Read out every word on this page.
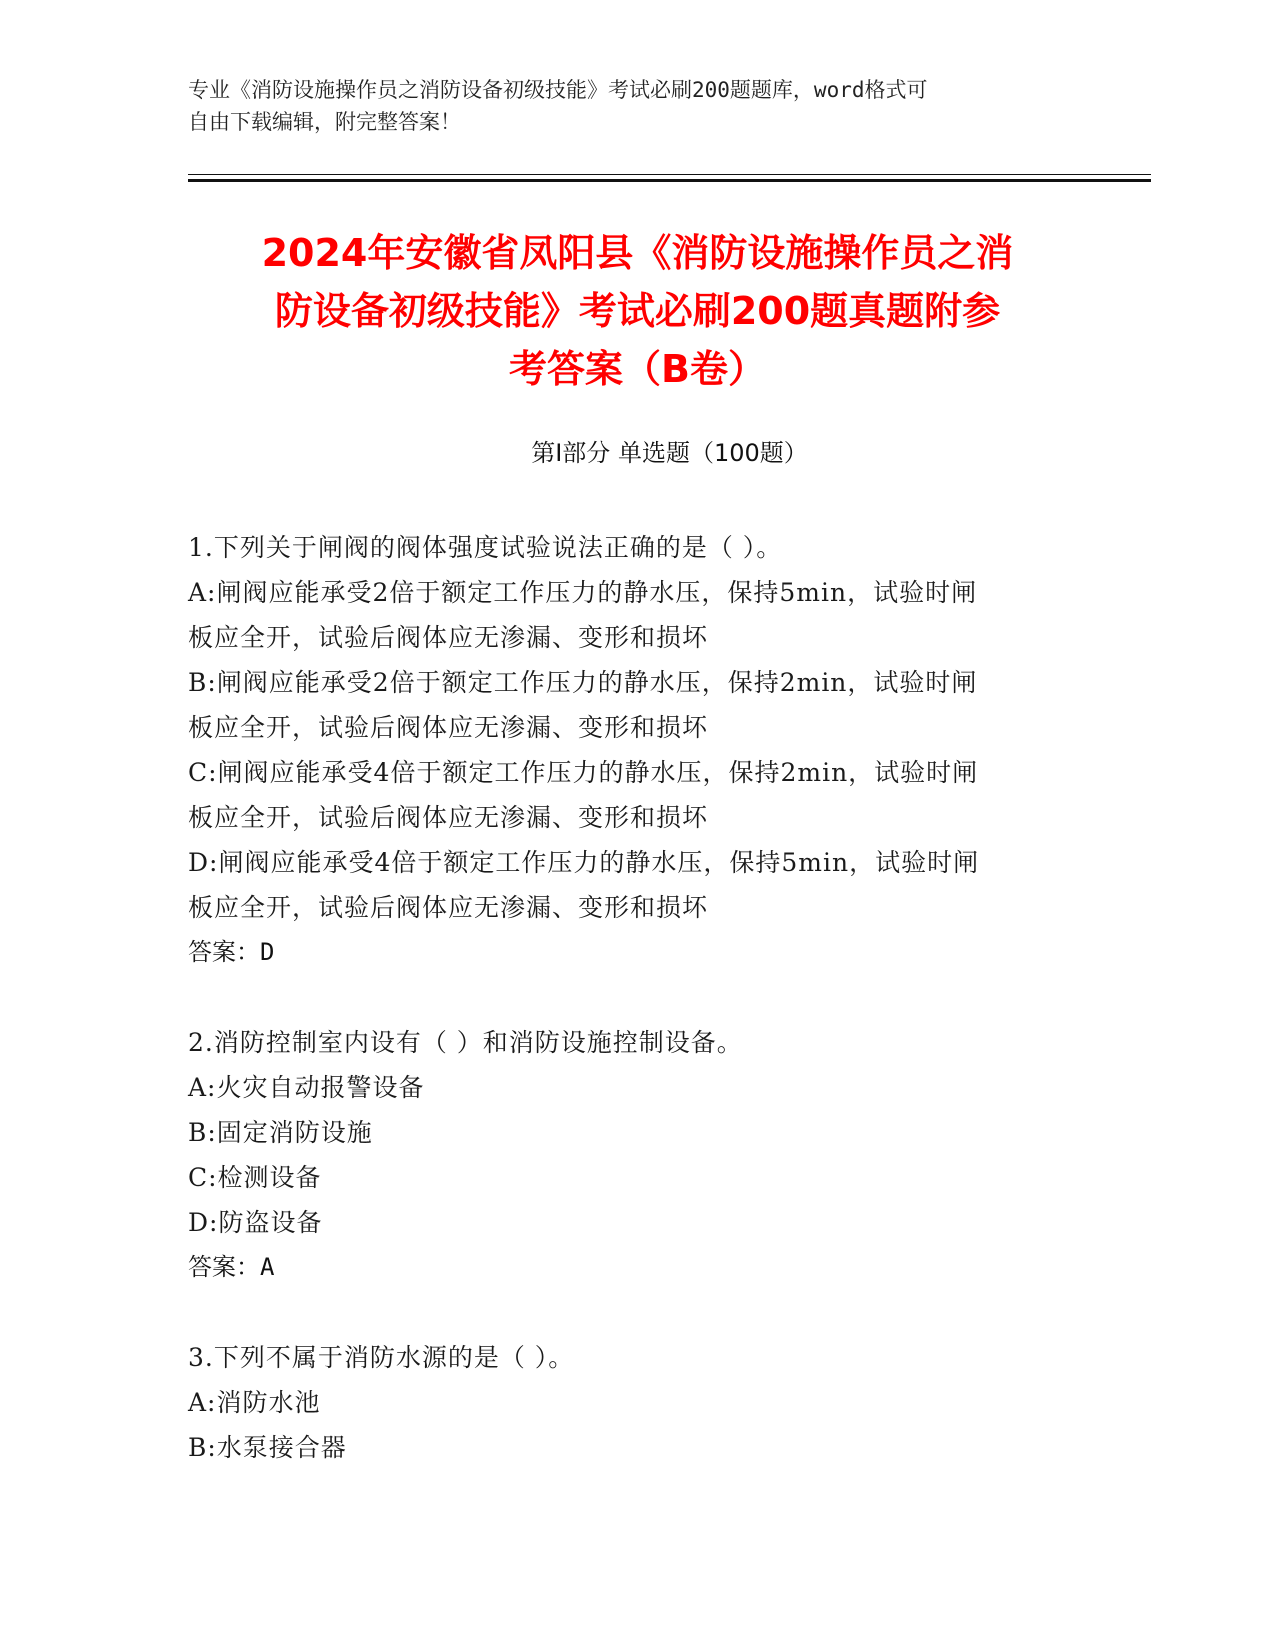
专业《消防设施操作员之消防设备初级技能》考试必刷200题题库，word格式可
自由下载编辑，附完整答案！
2024年安徽省凤阳县《消防设施操作员之消
防设备初级技能》考试必刷200题真题附参
考答案（B卷）
第Ⅰ部分 单选题（100题）
1.下列关于闸阀的阀体强度试验说法正确的是（ ）。
A:闸阀应能承受2倍于额定工作压力的静水压，保持5min，试验时闸
板应全开，试验后阀体应无渗漏、变形和损坏
B:闸阀应能承受2倍于额定工作压力的静水压，保持2min，试验时闸
板应全开，试验后阀体应无渗漏、变形和损坏
C:闸阀应能承受4倍于额定工作压力的静水压，保持2min，试验时闸
板应全开，试验后阀体应无渗漏、变形和损坏
D:闸阀应能承受4倍于额定工作压力的静水压，保持5min，试验时闸
板应全开，试验后阀体应无渗漏、变形和损坏
答案：D
2.消防控制室内设有（ ）和消防设施控制设备。
A:火灾自动报警设备
B:固定消防设施
C:检测设备
D:防盗设备
答案：A
3.下列不属于消防水源的是（ ）。
A:消防水池
B:水泵接合器
